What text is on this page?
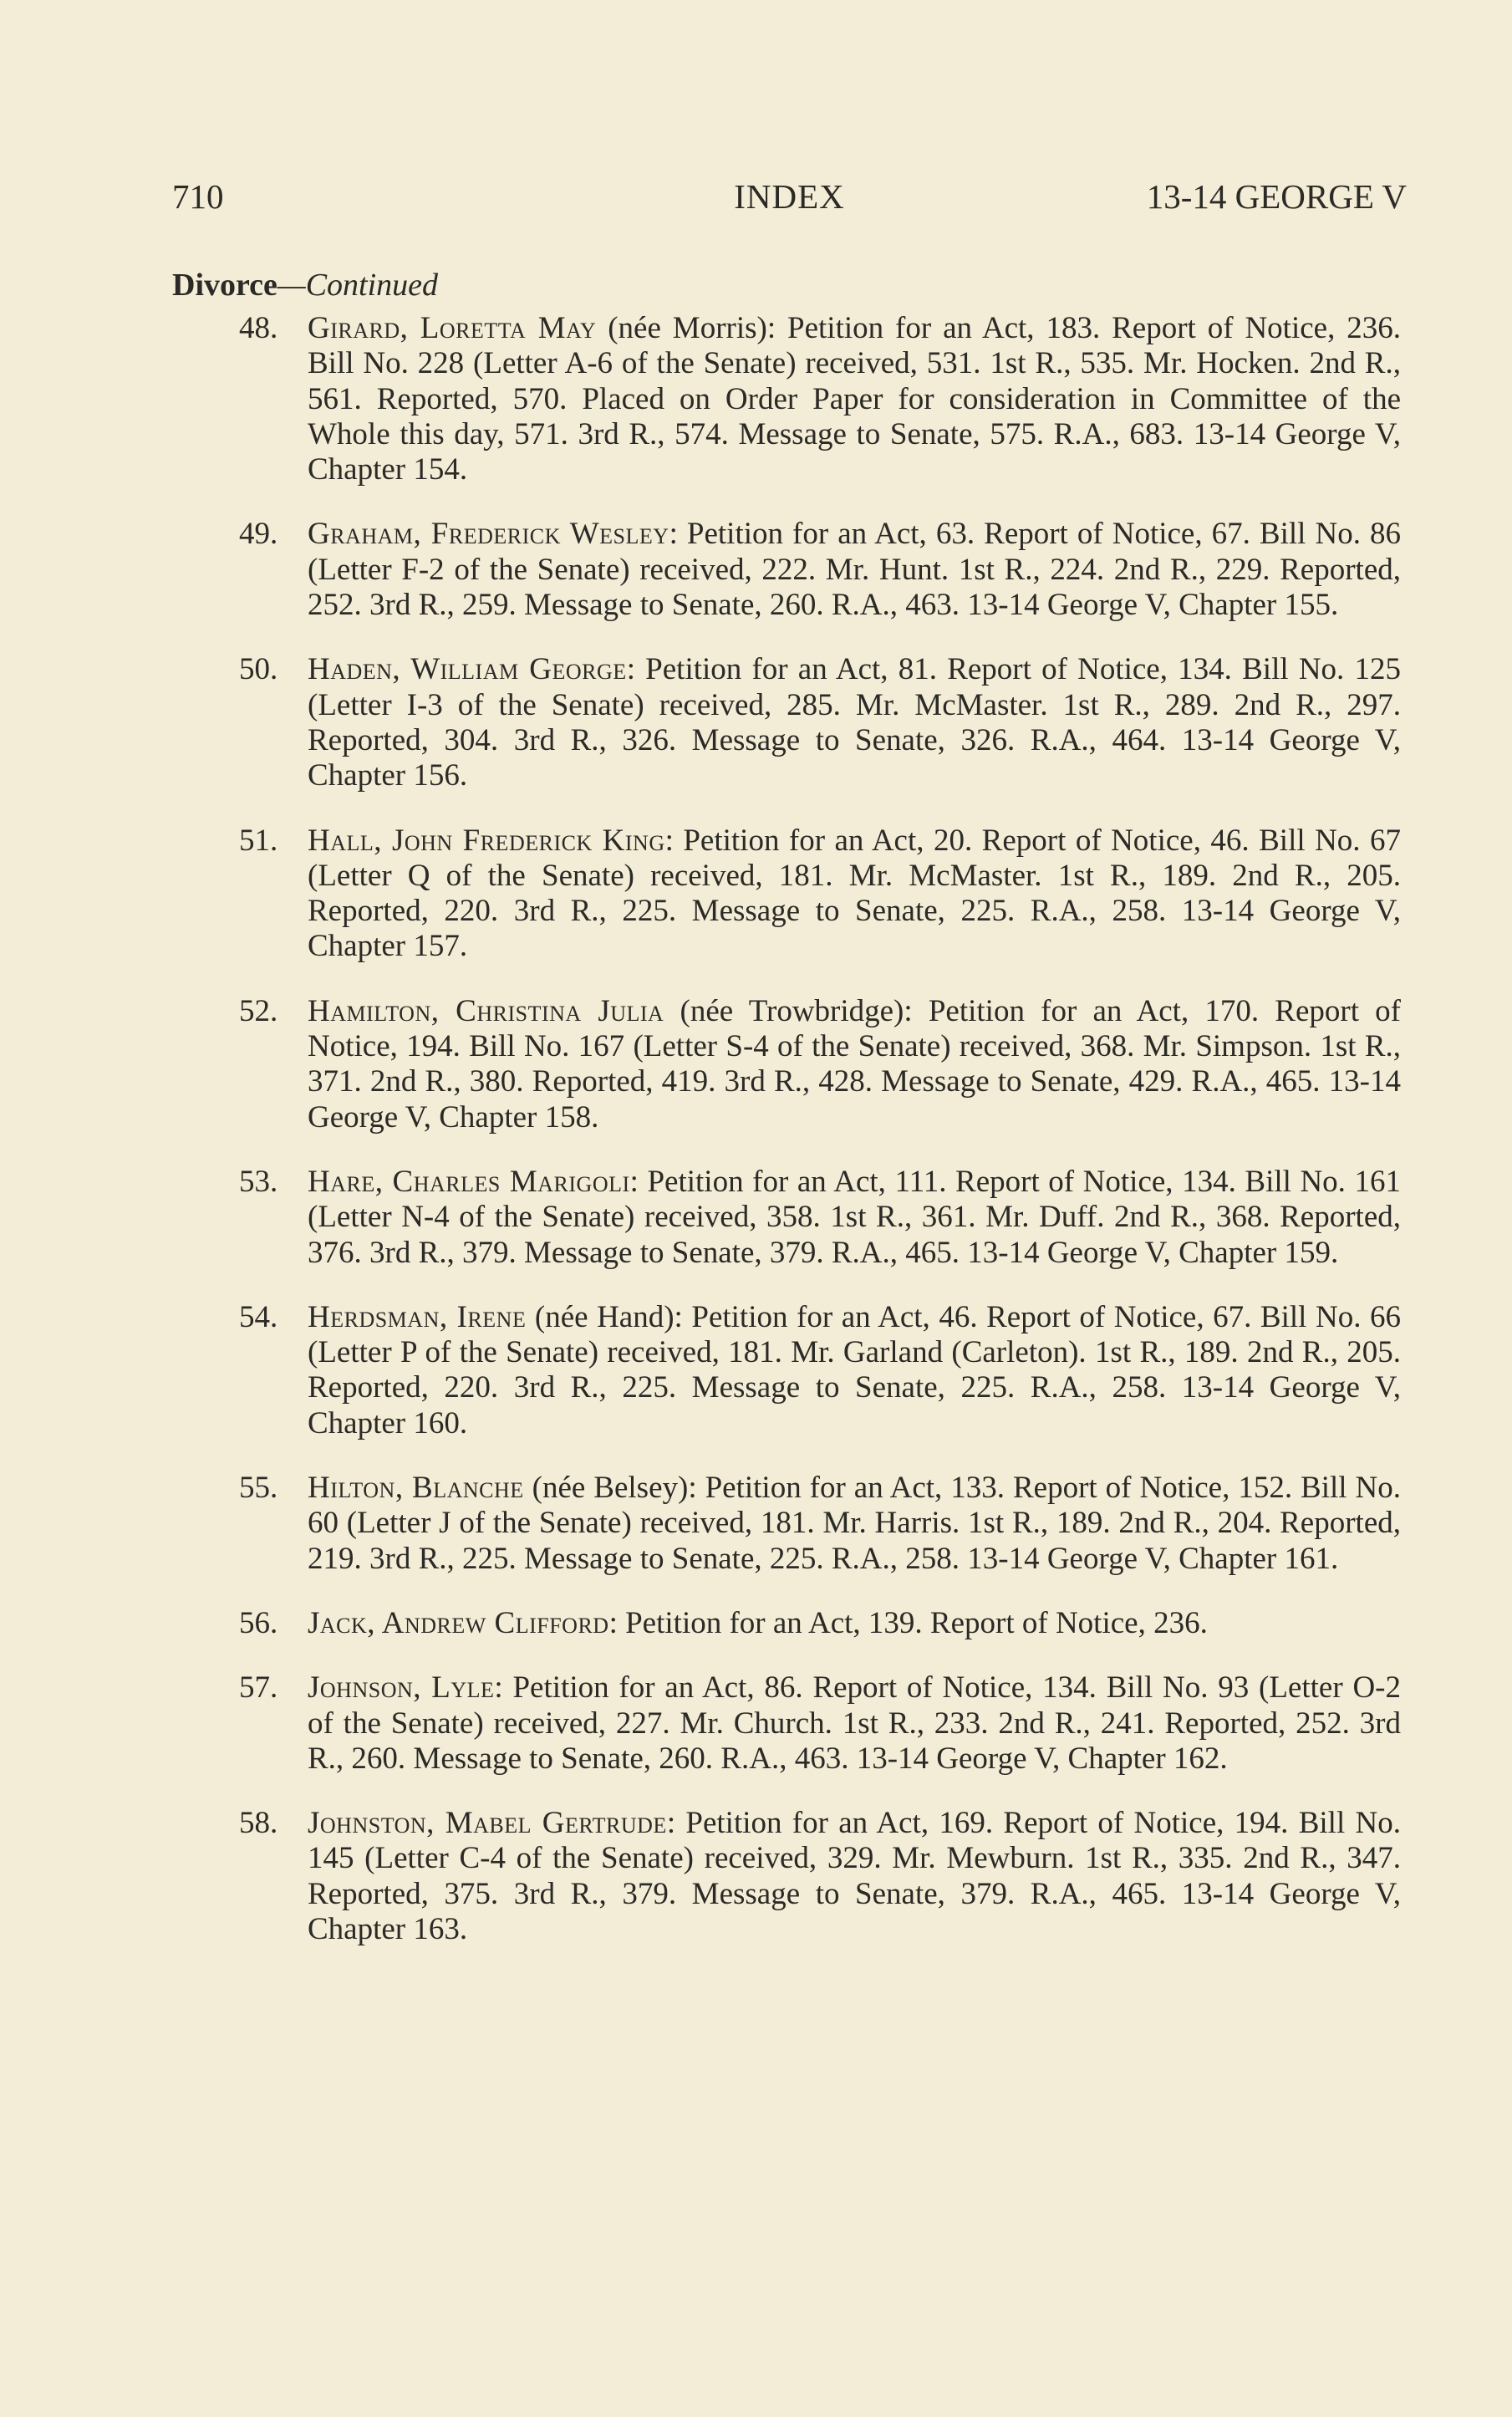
710	INDEX	13-14 GEORGE V
Divorce—Continued
48. Girard, Loretta May (née Morris): Petition for an Act, 183. Report of Notice, 236. Bill No. 228 (Letter A-6 of the Senate) received, 531. 1st R., 535. Mr. Hocken. 2nd R., 561. Reported, 570. Placed on Order Paper for consideration in Committee of the Whole this day, 571. 3rd R., 574. Message to Senate, 575. R.A., 683. 13-14 George V, Chapter 154.
49. Graham, Frederick Wesley: Petition for an Act, 63. Report of Notice, 67. Bill No. 86 (Letter F-2 of the Senate) received, 222. Mr. Hunt. 1st R., 224. 2nd R., 229. Reported, 252. 3rd R., 259. Message to Senate, 260. R.A., 463. 13-14 George V, Chapter 155.
50. Haden, William George: Petition for an Act, 81. Report of Notice, 134. Bill No. 125 (Letter I-3 of the Senate) received, 285. Mr. McMaster. 1st R., 289. 2nd R., 297. Reported, 304. 3rd R., 326. Message to Senate, 326. R.A., 464. 13-14 George V, Chapter 156.
51. Hall, John Frederick King: Petition for an Act, 20. Report of Notice, 46. Bill No. 67 (Letter Q of the Senate) received, 181. Mr. McMaster. 1st R., 189. 2nd R., 205. Reported, 220. 3rd R., 225. Message to Senate, 225. R.A., 258. 13-14 George V, Chapter 157.
52. Hamilton, Christina Julia (née Trowbridge): Petition for an Act, 170. Report of Notice, 194. Bill No. 167 (Letter S-4 of the Senate) received, 368. Mr. Simpson. 1st R., 371. 2nd R., 380. Reported, 419. 3rd R., 428. Message to Senate, 429. R.A., 465. 13-14 George V, Chapter 158.
53. Hare, Charles Marigoli: Petition for an Act, 111. Report of Notice, 134. Bill No. 161 (Letter N-4 of the Senate) received, 358. 1st R., 361. Mr. Duff. 2nd R., 368. Reported, 376. 3rd R., 379. Message to Senate, 379. R.A., 465. 13-14 George V, Chapter 159.
54. Herdsman, Irene (née Hand): Petition for an Act, 46. Report of Notice, 67. Bill No. 66 (Letter P of the Senate) received, 181. Mr. Garland (Carleton). 1st R., 189. 2nd R., 205. Reported, 220. 3rd R., 225. Message to Senate, 225. R.A., 258. 13-14 George V, Chapter 160.
55. Hilton, Blanche (née Belsey): Petition for an Act, 133. Report of Notice, 152. Bill No. 60 (Letter J of the Senate) received, 181. Mr. Harris. 1st R., 189. 2nd R., 204. Reported, 219. 3rd R., 225. Message to Senate, 225. R.A., 258. 13-14 George V, Chapter 161.
56. Jack, Andrew Clifford: Petition for an Act, 139. Report of Notice, 236.
57. Johnson, Lyle: Petition for an Act, 86. Report of Notice, 134. Bill No. 93 (Letter O-2 of the Senate) received, 227. Mr. Church. 1st R., 233. 2nd R., 241. Reported, 252. 3rd R., 260. Message to Senate, 260. R.A., 463. 13-14 George V, Chapter 162.
58. Johnston, Mabel Gertrude: Petition for an Act, 169. Report of Notice, 194. Bill No. 145 (Letter C-4 of the Senate) received, 329. Mr. Mewburn. 1st R., 335. 2nd R., 347. Reported, 375. 3rd R., 379. Message to Senate, 379. R.A., 465. 13-14 George V, Chapter 163.
